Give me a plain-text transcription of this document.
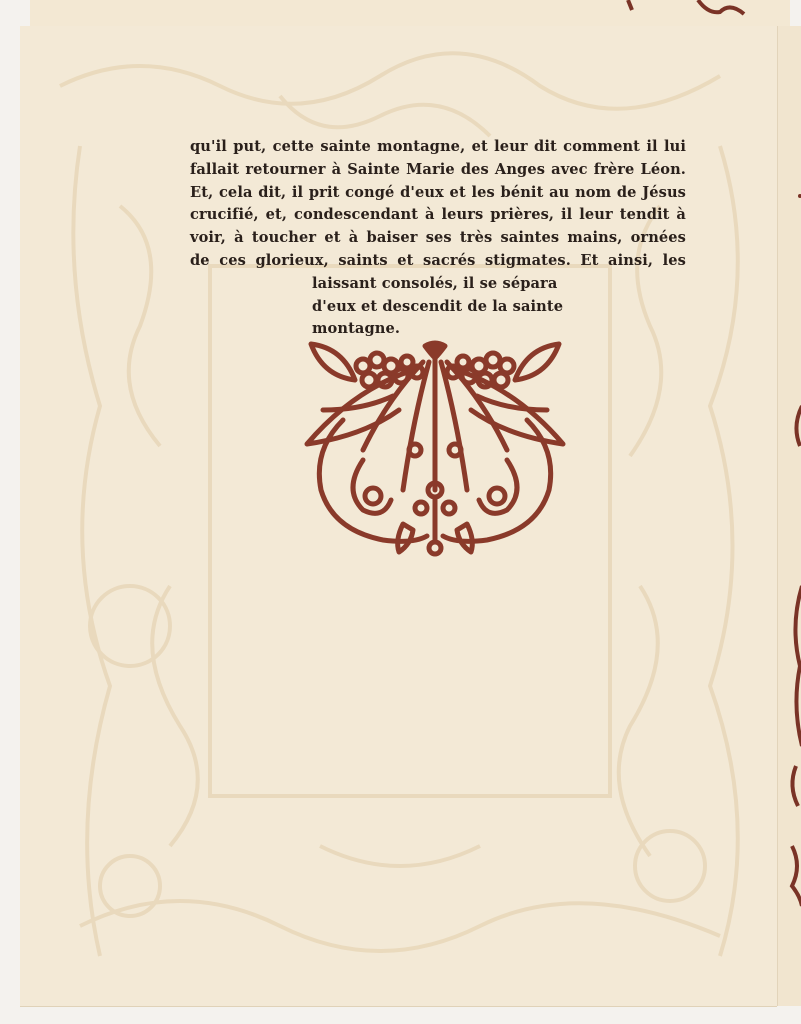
qu'il put, cette sainte montagne, et leur dit comment il lui
fallait retourner à Sainte Marie des Anges avec frère Léon.
Et, cela dit, il prit congé d'eux et les bénit au nom de Jésus
crucifié, et, condescendant à leurs prières, il leur tendit à
voir, à toucher et à baiser ses très saintes mains, ornées
de ces glorieux, saints et sacrés stigmates. Et ainsi, les
laissant consolés, il se sépara
d'eux et descendit de la sainte
montagne.
